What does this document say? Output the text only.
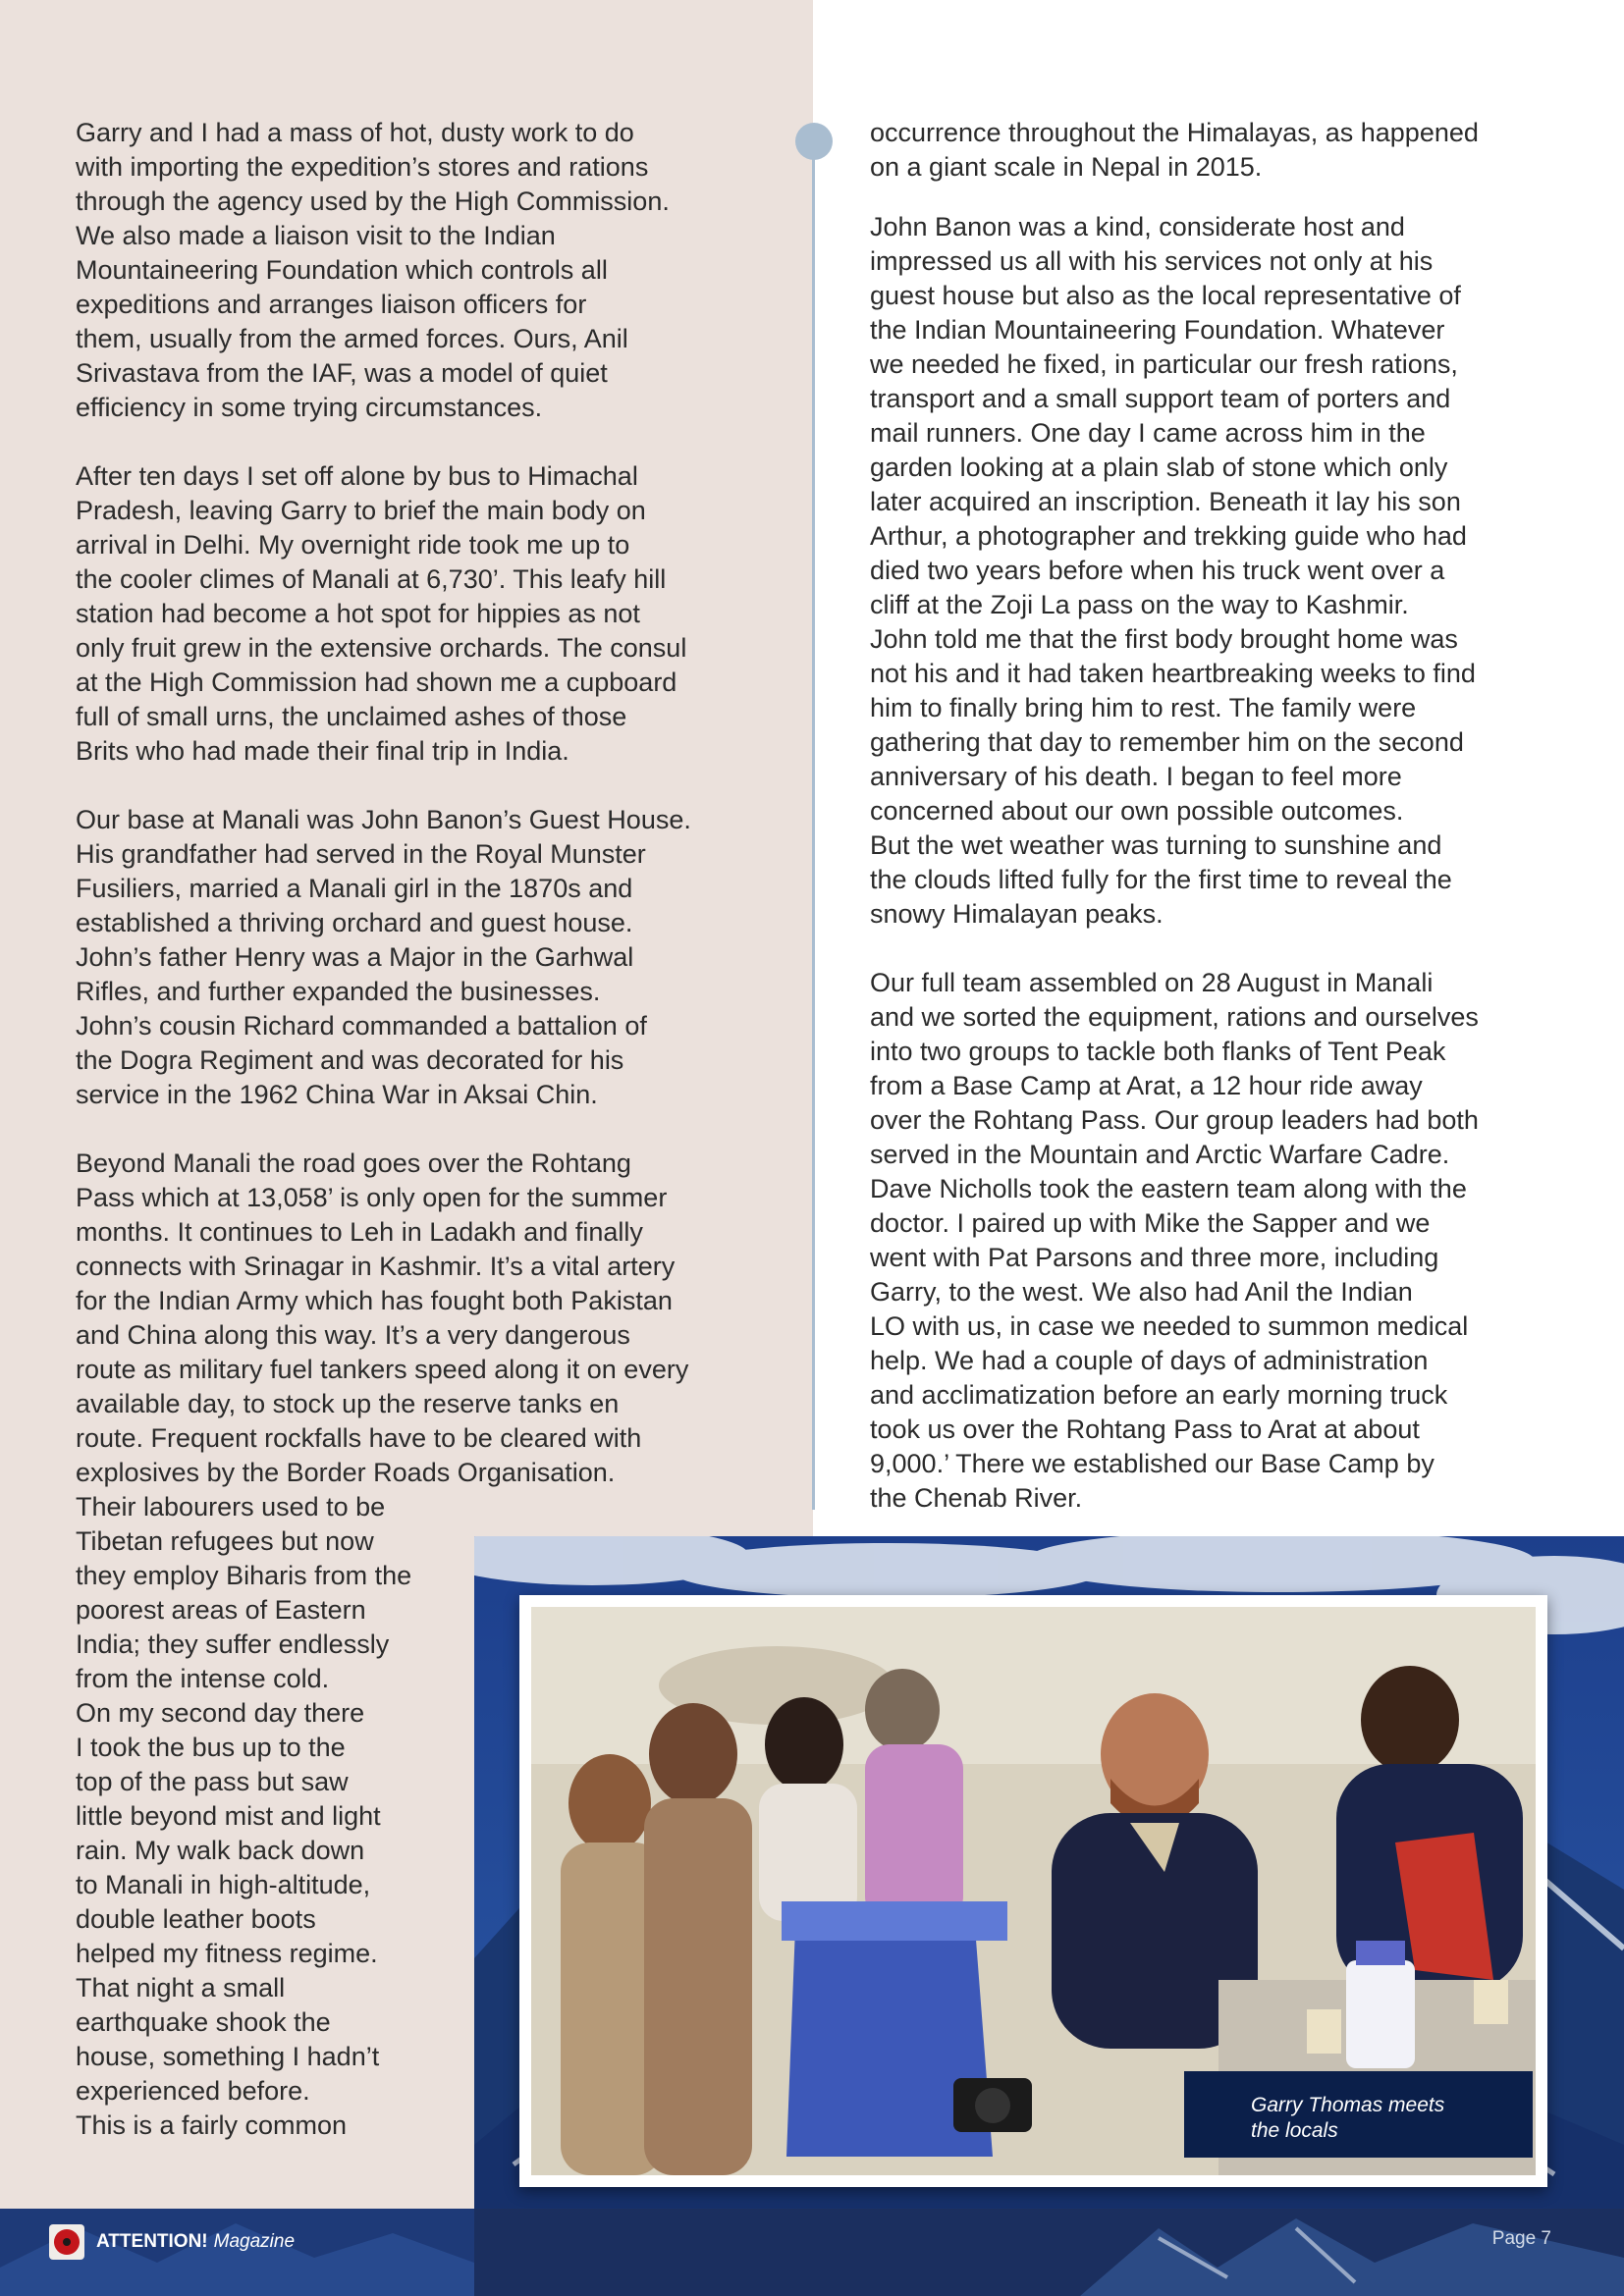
Garry and I had a mass of hot, dusty work to do
with importing the expedition’s stores and rations
through the agency used by the High Commission.
We also made a liaison visit to the Indian
Mountaineering Foundation which controls all
expeditions and arranges liaison officers for
them, usually from the armed forces. Ours, Anil
Srivastava from the IAF, was a model of quiet
efficiency in some trying circumstances.

After ten days I set off alone by bus to Himachal
Pradesh, leaving Garry to brief the main body on
arrival in Delhi. My overnight ride took me up to
the cooler climes of Manali at 6,730’. This leafy hill
station had become a hot spot for hippies as not
only fruit grew in the extensive orchards. The consul
at the High Commission had shown me a cupboard
full of small urns, the unclaimed ashes of those
Brits who had made their final trip in India.

Our base at Manali was John Banon’s Guest House.
His grandfather had served in the Royal Munster
Fusiliers, married a Manali girl in the 1870s and
established a thriving orchard and guest house.
John’s father Henry was a Major in the Garhwal
Rifles, and further expanded the businesses.
John’s cousin Richard commanded a battalion of
the Dogra Regiment and was decorated for his
service in the 1962 China War in Aksai Chin.

Beyond Manali the road goes over the Rohtang
Pass which at 13,058’ is only open for the summer
months. It continues to Leh in Ladakh and finally
connects with Srinagar in Kashmir. It’s a vital artery
for the Indian Army which has fought both Pakistan
and China along this way. It’s a very dangerous
route as military fuel tankers speed along it on every
available day, to stock up the reserve tanks en
route. Frequent rockfalls have to be cleared with
explosives by the Border Roads Organisation.

Their labourers used to be
Tibetan refugees but now
they employ Biharis from the
poorest areas of Eastern
India; they suffer endlessly
from the intense cold.
On my second day there
I took the bus up to the
top of the pass but saw
little beyond mist and light
rain. My walk back down
to Manali in high-altitude,
double leather boots
helped my fitness regime.
That night a small
earthquake shook the
house, something I hadn’t
experienced before.
This is a fairly common

occurrence throughout the Himalayas, as happened
on a giant scale in Nepal in 2015.

John Banon was a kind, considerate host and
impressed us all with his services not only at his
guest house but also as the local representative of
the Indian Mountaineering Foundation. Whatever
we needed he fixed, in particular our fresh rations,
transport and a small support team of porters and
mail runners. One day I came across him in the
garden looking at a plain slab of stone which only
later acquired an inscription. Beneath it lay his son
Arthur, a photographer and trekking guide who had
died two years before when his truck went over a
cliff at the Zoji La pass on the way to Kashmir.
John told me that the first body brought home was
not his and it had taken heartbreaking weeks to find
him to finally bring him to rest. The family were
gathering that day to remember him on the second
anniversary of his death. I began to feel more
concerned about our own possible outcomes.
But the wet weather was turning to sunshine and
the clouds lifted fully for the first time to reveal the
snowy Himalayan peaks.

Our full team assembled on 28 August in Manali
and we sorted the equipment, rations and ourselves
into two groups to tackle both flanks of Tent Peak
from a Base Camp at Arat, a 12 hour ride away
over the Rohtang Pass. Our group leaders had both
served in the Mountain and Arctic Warfare Cadre.
Dave Nicholls took the eastern team along with the
doctor. I paired up with Mike the Sapper and we
went with Pat Parsons and three more, including
Garry, to the west. We also had Anil the Indian
LO with us, in case we needed to summon medical
help. We had a couple of days of administration
and acclimatization before an early morning truck
took us over the Rohtang Pass to Arat at about
9,000.’ There we established our Base Camp by
the Chenab River.

Garry Thomas meets
the locals
ATTENTION! Magazine	Page 7
